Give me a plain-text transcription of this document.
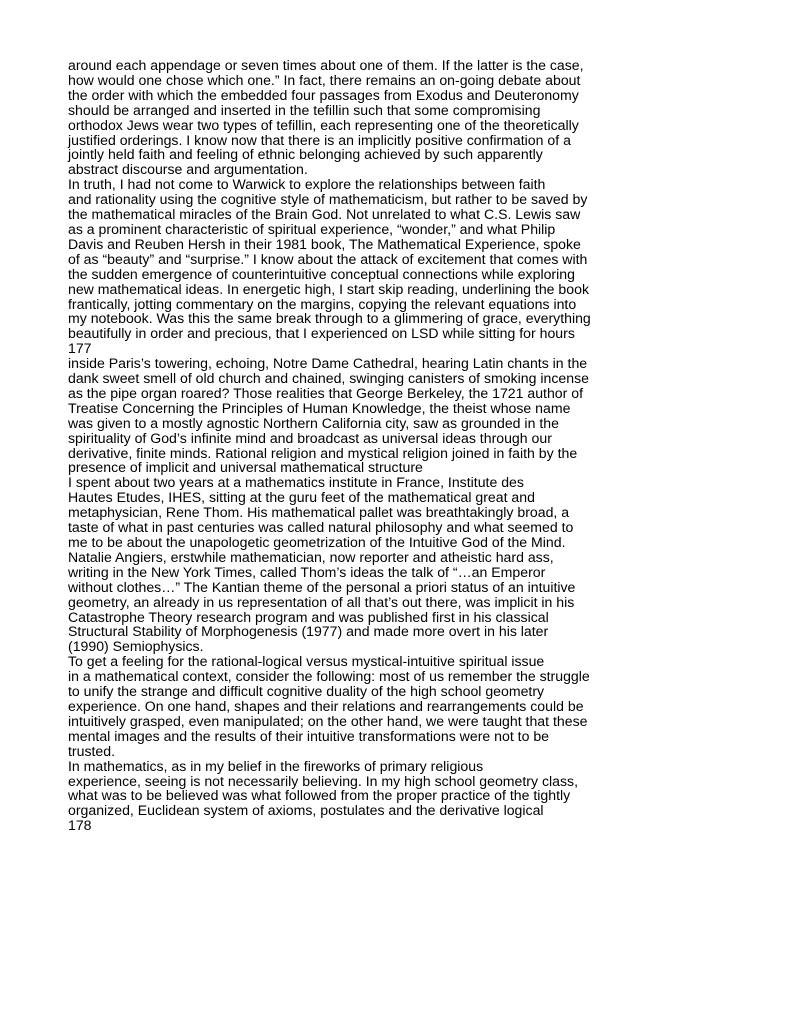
around each appendage or seven times about one of them. If the latter is the case,
how would one chose which one.” In fact, there remains an on-going debate about
the order with which the embedded four passages from Exodus and Deuteronomy
should be arranged and inserted in the tefillin such that some compromising
orthodox Jews wear two types of tefillin, each representing one of the theoretically
justified orderings. I know now that there is an implicitly positive confirmation of a
jointly held faith and feeling of ethnic belonging achieved by such apparently
abstract discourse and argumentation.
In truth, I had not come to Warwick to explore the relationships between faith
and rationality using the cognitive style of mathematicism, but rather to be saved by
the mathematical miracles of the Brain God. Not unrelated to what C.S. Lewis saw
as a prominent characteristic of spiritual experience, “wonder,” and what Philip
Davis and Reuben Hersh in their 1981 book, The Mathematical Experience, spoke
of as “beauty” and “surprise.” I know about the attack of excitement that comes with
the sudden emergence of counterintuitive conceptual connections while exploring
new mathematical ideas. In energetic high, I start skip reading, underlining the book
frantically, jotting commentary on the margins, copying the relevant equations into
my notebook. Was this the same break through to a glimmering of grace, everything
beautifully in order and precious, that I experienced on LSD while sitting for hours
177
inside Paris’s towering, echoing, Notre Dame Cathedral, hearing Latin chants in the
dank sweet smell of old church and chained, swinging canisters of smoking incense
as the pipe organ roared? Those realities that George Berkeley, the 1721 author of
Treatise Concerning the Principles of Human Knowledge, the theist whose name
was given to a mostly agnostic Northern California city, saw as grounded in the
spirituality of God’s infinite mind and broadcast as universal ideas through our
derivative, finite minds. Rational religion and mystical religion joined in faith by the
presence of implicit and universal mathematical structure
I spent about two years at a mathematics institute in France, Institute des
Hautes Etudes, IHES, sitting at the guru feet of the mathematical great and
metaphysician, Rene Thom. His mathematical pallet was breathtakingly broad, a
taste of what in past centuries was called natural philosophy and what seemed to
me to be about the unapologetic geometrization of the Intuitive God of the Mind.
Natalie Angiers, erstwhile mathematician, now reporter and atheistic hard ass,
writing in the New York Times, called Thom’s ideas the talk of “…an Emperor
without clothes…” The Kantian theme of the personal a priori status of an intuitive
geometry, an already in us representation of all that’s out there, was implicit in his
Catastrophe Theory research program and was published first in his classical
Structural Stability of Morphogenesis (1977) and made more overt in his later
(1990) Semiophysics.
To get a feeling for the rational-logical versus mystical-intuitive spiritual issue
in a mathematical context, consider the following: most of us remember the struggle
to unify the strange and difficult cognitive duality of the high school geometry
experience. On one hand, shapes and their relations and rearrangements could be
intuitively grasped, even manipulated; on the other hand, we were taught that these
mental images and the results of their intuitive transformations were not to be
trusted.
In mathematics, as in my belief in the fireworks of primary religious
experience, seeing is not necessarily believing. In my high school geometry class,
what was to be believed was what followed from the proper practice of the tightly
organized, Euclidean system of axioms, postulates and the derivative logical
178
